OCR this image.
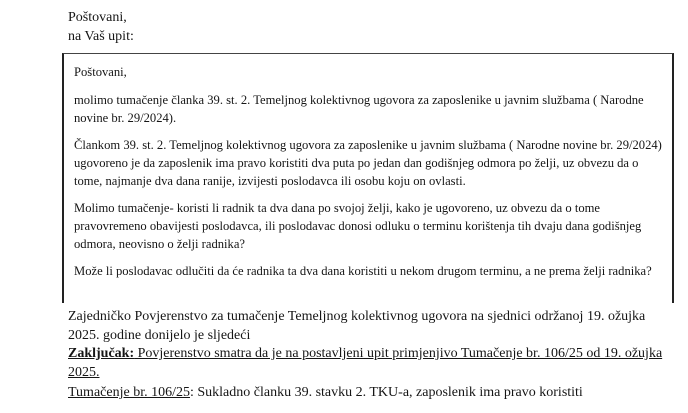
Poštovani,
na Vaš upit:

Poštovani,

molimo tumačenje članka 39. st. 2. Temeljnog kolektivnog ugovora za zaposlenike u javnim službama ( Narodne novine br. 29/2024).

Člankom 39. st. 2. Temeljnog kolektivnog ugovora za zaposlenike u javnim službama ( Narodne novine br. 29/2024) ugovoreno je da zaposlenik ima pravo koristiti dva puta po jedan dan godišnjeg odmora po želji, uz obvezu da o tome, najmanje dva dana ranije, izvijesti poslodavca ili osobu koju on ovlasti.

Molimo tumačenje- koristi li radnik ta dva dana po svojoj želji, kako je ugovoreno, uz obvezu da o tome pravovremeno obavijesti poslodavca, ili poslodavac donosi odluku o terminu korištenja tih dvaju dana godišnjeg odmora, neovisno o želji radnika?

Može li poslodavac odlučiti da će radnika ta dva dana koristiti u nekom drugom terminu, a ne prema želji radnika?

Zajedničko Povjerenstvo za tumačenje Temeljnog kolektivnog ugovora na sjednici održanoj 19. ožujka 2025. godine donijelo je sljedeći
Zaključak: Povjerenstvo smatra da je na postavljeni upit primjenjivo Tumačenje br. 106/25 od 19. ožujka 2025.
Tumačenje br. 106/25: Sukladno članku 39. stavku 2. TKU-a, zaposlenik ima pravo koristiti
